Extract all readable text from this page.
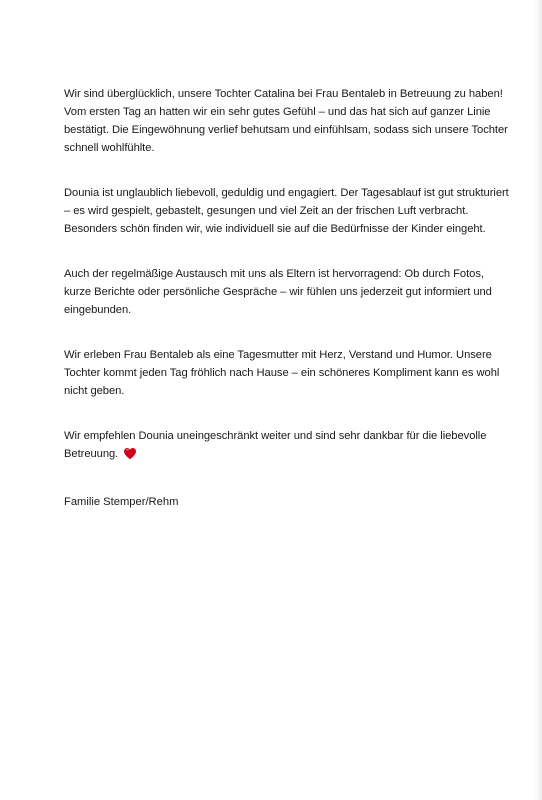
Wir sind überglücklich, unsere Tochter Catalina bei Frau Bentaleb in Betreuung zu haben! Vom ersten Tag an hatten wir ein sehr gutes Gefühl – und das hat sich auf ganzer Linie bestätigt. Die Eingewöhnung verlief behutsam und einfühlsam, sodass sich unsere Tochter schnell wohlfühlte.

Dounia ist unglaublich liebevoll, geduldig und engagiert. Der Tagesablauf ist gut strukturiert – es wird gespielt, gebastelt, gesungen und viel Zeit an der frischen Luft verbracht. Besonders schön finden wir, wie individuell sie auf die Bedürfnisse der Kinder eingeht.

Auch der regelmäßige Austausch mit uns als Eltern ist hervorragend: Ob durch Fotos, kurze Berichte oder persönliche Gespräche – wir fühlen uns jederzeit gut informiert und eingebunden.

Wir erleben Frau Bentaleb als eine Tagesmutter mit Herz, Verstand und Humor. Unsere Tochter kommt jeden Tag fröhlich nach Hause – ein schöneres Kompliment kann es wohl nicht geben.

Wir empfehlen Dounia uneingeschränkt weiter und sind sehr dankbar für die liebevolle Betreuung.

Familie Stemper/Rehm
